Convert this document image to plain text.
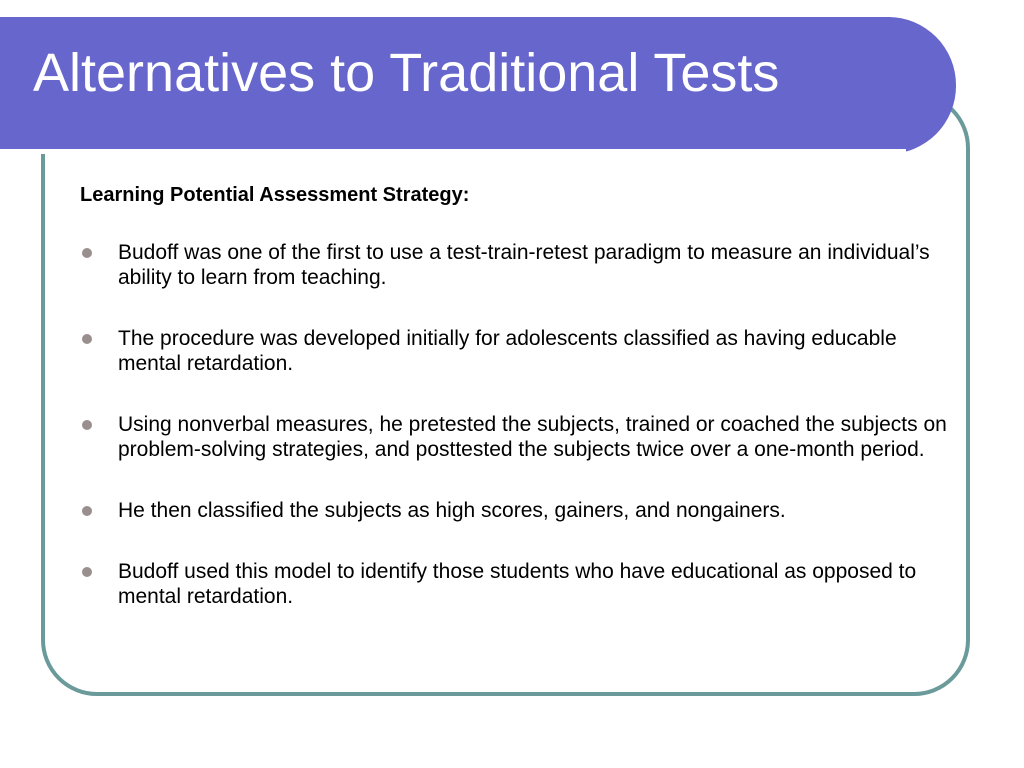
Alternatives to Traditional Tests

Learning Potential Assessment Strategy:

Budoff was one of the first to use a test-train-retest paradigm to measure an individual’s ability to learn from teaching.
The procedure was developed initially for adolescents classified as having educable mental retardation.
Using nonverbal measures, he pretested the subjects, trained or coached the subjects on problem-solving strategies, and posttested the subjects twice over a one-month period.
He then classified the subjects as high scores, gainers, and nongainers.
Budoff used this model to identify those students who have educational as opposed to mental retardation.
